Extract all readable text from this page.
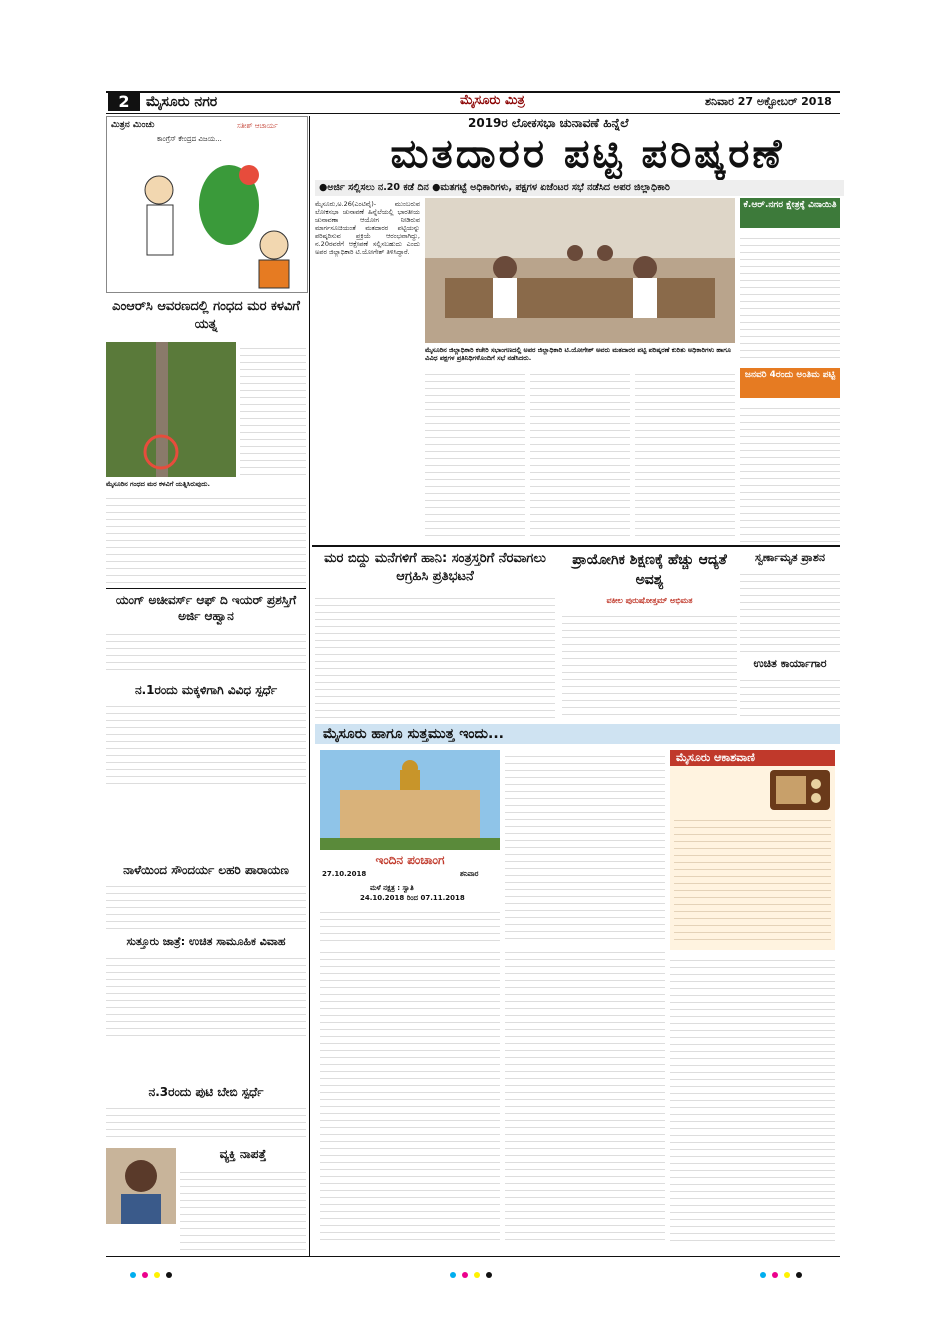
2	ಮೈಸೂರು ನಗರ	ಮೈಸೂರು ಮಿತ್ರ	ಶನಿವಾರ 27 ಅಕ್ಟೋಬರ್ 2018
ಮಿತ್ರನ ಮಿಂಚು	ಸತೀಶ್ ಆಚಾರ್ಯ
ಕಾಂಗ್ರೆಸ್ ಕೇಂದ್ರದ ವಿಜಯ...
2019ರ ಲೋಕಸಭಾ ಚುನಾವಣೆ ಹಿನ್ನೆಲೆ
ಮತದಾರರ ಪಟ್ಟಿ ಪರಿಷ್ಕರಣೆ
●ಅರ್ಜಿ ಸಲ್ಲಿಸಲು ನ.20 ಕಡೆ ದಿನ ●ಮತಗಟ್ಟೆ ಅಧಿಕಾರಿಗಳು, ಪಕ್ಷಗಳ ಏಜೆಂಟರ ಸಭೆ ನಡೆಸಿದ ಅಪರ ಜಿಲ್ಲಾಧಿಕಾರಿ
ಮೈಸೂರು,ಅ.26(ಎಂಟಿವೈ)- ಮುಂಬರುವ ಲೋಕಸಭಾ ಚುನಾವಣೆ ಹಿನ್ನೆಲೆಯಲ್ಲಿ ಭಾರತೀಯ ಚುನಾವಣಾ ಆಯೋಗ ನೀಡಿರುವ ಮಾರ್ಗಸೂಚಿಯಂತೆ ಮತದಾರರ ಪಟ್ಟಿಯನ್ನು ಪರಿಷ್ಕರಿಸುವ ಪ್ರಕ್ರಿಯೆ ಆರಂಭವಾಗಿದ್ದು, ನ.20ರವರೆಗೆ ಆಕ್ಷೇಪಣೆ ಸಲ್ಲಿಸಬಹುದು ಎಂದು ಅಪರ ಜಿಲ್ಲಾಧಿಕಾರಿ ಟಿ.ಯೋಗೇಶ್ ತಿಳಿಸಿದ್ದಾರೆ.
ಮೈಸೂರಿನ ಜಿಲ್ಲಾಧಿಕಾರಿ ಕಚೇರಿ ಸಭಾಂಗಣದಲ್ಲಿ ಅಪರ ಜಿಲ್ಲಾಧಿಕಾರಿ ಟಿ.ಯೋಗೇಶ್ ಅವರು ಮತದಾರರ ಪಟ್ಟಿ ಪರಿಷ್ಕರಣೆ ಕುರಿತು ಅಧಿಕಾರಿಗಳು ಹಾಗೂ ವಿವಿಧ ಪಕ್ಷಗಳ ಪ್ರತಿನಿಧಿಗಳೊಂದಿಗೆ ಸಭೆ ನಡೆಸಿದರು.
ಕೆ.ಆರ್.ನಗರ ಕ್ಷೇತ್ರಕ್ಕೆ ವಿನಾಯಿತಿ
ಜನವರಿ 4ರಂದು ಅಂತಿಮ ಪಟ್ಟಿ
ಎಂಆರ್‌ಸಿ ಆವರಣದಲ್ಲಿ ಗಂಧದ ಮರ ಕಳವಿಗೆ ಯತ್ನ
ಮೈಸೂರಿನ ಗಂಧದ ಮರ ಕಳವಿಗೆ ಯತ್ನಿಸಿರುವುದು.
ಯಂಗ್ ಅಚೀವರ್ಸ್ ಆಫ್ ದಿ ಇಯರ್ ಪ್ರಶಸ್ತಿಗೆ ಅರ್ಜಿ ಆಹ್ವಾನ
ನ.1ರಂದು ಮಕ್ಕಳಿಗಾಗಿ ವಿವಿಧ ಸ್ಪರ್ಧೆ
ನಾಳೆಯಿಂದ ಸೌಂದರ್ಯ ಲಹರಿ ಪಾರಾಯಣ
ಸುತ್ತೂರು ಜಾತ್ರೆ: ಉಚಿತ ಸಾಮೂಹಿಕ ವಿವಾಹ
ನ.3ರಂದು ಪುಟಿ ಬೇಬಿ ಸ್ಪರ್ಧೆ
ವ್ಯಕ್ತಿ ನಾಪತ್ತೆ
ಮರ ಬಿದ್ದು ಮನೆಗಳಿಗೆ ಹಾನಿ: ಸಂತ್ರಸ್ತರಿಗೆ ನೆರವಾಗಲು ಆಗ್ರಹಿಸಿ ಪ್ರತಿಭಟನೆ
ಪ್ರಾಯೋಗಿಕ ಶಿಕ್ಷಣಕ್ಕೆ ಹೆಚ್ಚು ಆದ್ಯತೆ ಅವಶ್ಯ
ವಕೀಲ ಪುರುಷೋತ್ತಮ್ ಅಭಿಮತ
ಸ್ವರ್ಣಾಮೃತ ಪ್ರಾಶನ
ಉಚಿತ ಕಾರ್ಯಾಗಾರ
ಮೈಸೂರು ಹಾಗೂ ಸುತ್ತಮುತ್ತ ಇಂದು...
ಇಂದಿನ ಪಂಚಾಂಗ
27.10.2018	ಶನಿವಾರ
ಮಳೆ ನಕ್ಷತ್ರ : ಸ್ವಾತಿ
24.10.2018 ರಿಂದ 07.11.2018
ಮೈಸೂರು ಆಕಾಶವಾಣಿ
